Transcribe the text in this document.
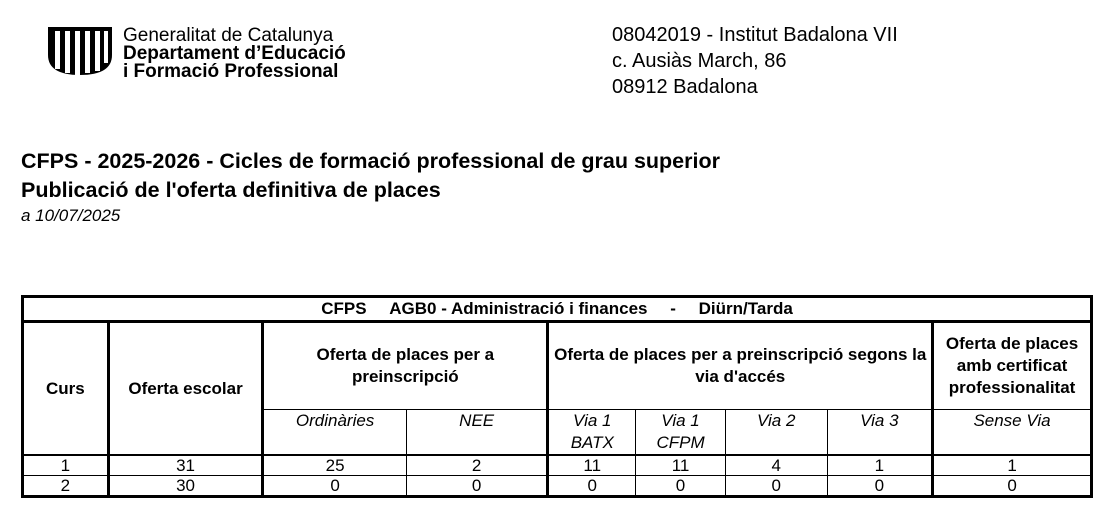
Generalitat de Catalunya
Departament d’Educació
i Formació Professional
08042019 - Institut Badalona VII
c. Ausiàs March, 86
08912 Badalona
CFPS - 2025-2026 - Cicles de formació professional de grau superior
Publicació de l'oferta definitiva de places
a 10/07/2025
CFPS AGB0 - Administració i finances - Diürn/Tarda								
Curs	Oferta escolar	Oferta de places per a preinscripció		Oferta de places per a preinscripció segons la via d'accés				Oferta de places amb certificat professionalitat
		Ordinàries	NEE	Via 1 BATX	Via 1 CFPM	Via 2	Via 3	Sense Via
1	31	25	2	11	11	4	1	1
2	30	0	0	0	0	0	0	0
